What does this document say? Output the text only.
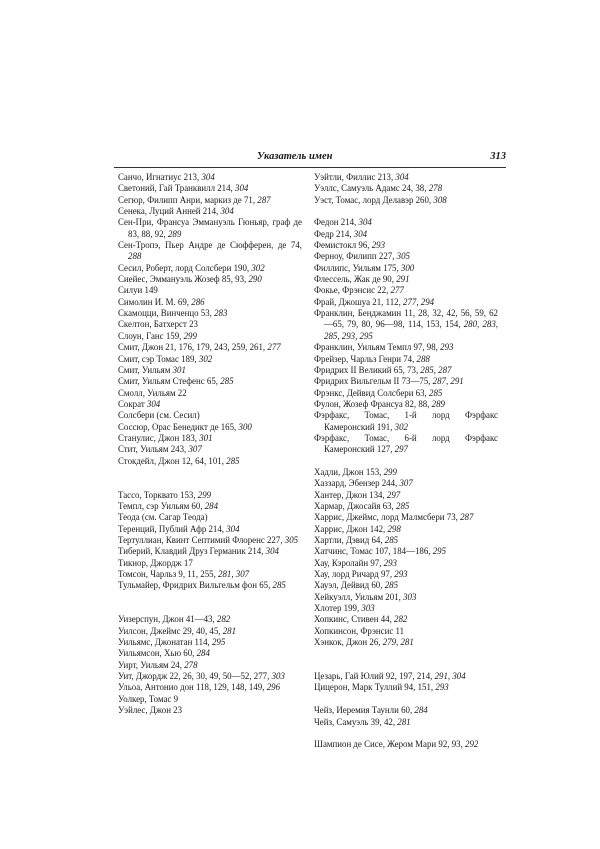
Указатель имен	313

Санчо, Игнатиус 213, 304

Светоний, Гай Транквилл 214, 304

Сегюр, Филипп Анри, маркиз де 71, 287

Сенека, Луций Анней 214, 304

Сен-При, Франсуа Эммануэль Гюньяр, граф де 83, 88, 92, 289

Сен-Тропэ, Пьер Андре де Сюфферен, де 74, 288

Сесил, Роберт, лорд Солсбери 190, 302

Сиейес, Эммануэль Жозеф 85, 93, 290

Силуи 149

Симолин И. М. 69, 286

Скамоцци, Винченцо 53, 283

Скелтон, Батхерст 23

Слоун, Ганс 159, 299

Смит, Джон 21, 176, 179, 243, 259, 261, 277

Смит, сэр Томас 189, 302

Смит, Уильям 301

Смит, Уильям Стефенс 65, 285

Смолл, Уильям 22

Сократ 304

Солсбери (см. Сесил)

Соссюр, Орас Бенедикт де 165, 300

Станулис, Джон 183, 301

Стит, Уильям 243, 307

Стокдейл, Джон 12, 64, 101, 285

Тассо, Торквато 153, 299

Темпл, сэр Уильям 60, 284

Теода (см. Сагар Теода)

Теренций, Публий Афр 214, 304

Тертуллиан, Квинт Септимий Флоренс 227, 305

Тиберий, Клавдий Друз Германик 214, 304

Тикнор, Джордж 17

Томсон, Чарльз 9, 11, 255, 281, 307

Тульмайер, Фридрих Вильгельм фон 65, 285

Уизерспун, Джон 41—43, 282

Уилсон, Джеймс 29, 40, 45, 281

Уильямс, Джонатан 114, 295

Уильямсон, Хью 60, 284

Уирт, Уильям 24, 278

Уит, Джордж 22, 26, 30, 49, 50—52, 277, 303

Ульоа, Антонио дон 118, 129, 148, 149, 296

Уолкер, Томас 9

Уэйлес, Джон 23

Уэйтли, Филлис 213, 304

Уэллс, Самуэль Адамс 24, 38, 278

Уэст, Томас, лорд Делавэр 260, 308

Федон 214, 304

Федр 214, 304

Фемистокл 96, 293

Ферноу, Филипп 227, 305

Филлипс, Уильям 175, 300

Флессель, Жак де 90, 291

Фокье, Фрэнсис 22, 277

Фрай, Джошуа 21, 112, 277, 294

Франклин, Бенджамин 11, 28, 32, 42, 56, 59, 62—65, 79, 80, 96—98, 114, 153, 154, 280, 283, 285, 293, 295

Франклин, Уильям Темпл 97, 98, 293

Фрейзер, Чарльз Генри 74, 288

Фридрих II Великий 65, 73, 285, 287

Фридрих Вильгельм II 73—75, 287, 291

Фрэнкс, Дейвид Солсбери 63, 285

Фулон, Жозеф Франсуа 82, 88, 289

Фэрфакс, Томас, 1-й лорд Фэрфакс Камеронский 191, 302

Фэрфакс, Томас, 6-й лорд Фэрфакс Камеронский 127, 297

Хадли, Джон 153, 299

Хаззард, Эбензер 244, 307

Хантер, Джон 134, 297

Хармар, Джосайя 63, 285

Харрис, Джеймс, лорд Малмсбери 73, 287

Харрис, Джон 142, 298

Хартли, Дэвид 64, 285

Хатчинс, Томас 107, 184—186, 295

Хау, Кэролайн 97, 293

Хау, лорд Ричард 97, 293

Хауэл, Дейвид 60, 285

Хейкуэлл, Уильям 201, 303

Хлотер 199, 303

Хопкинс, Стивен 44, 282

Хопкинсон, Фрэнсис 11

Хэнкок, Джон 26, 279, 281

Цезарь, Гай Юлий 92, 197, 214, 291, 304

Цицерон, Марк Туллий 94, 151, 293

Чейз, Иеремия Таунли 60, 284

Чейз, Самуэль 39, 42, 281

Шампион де Сисе, Жером Мари 92, 93, 292
